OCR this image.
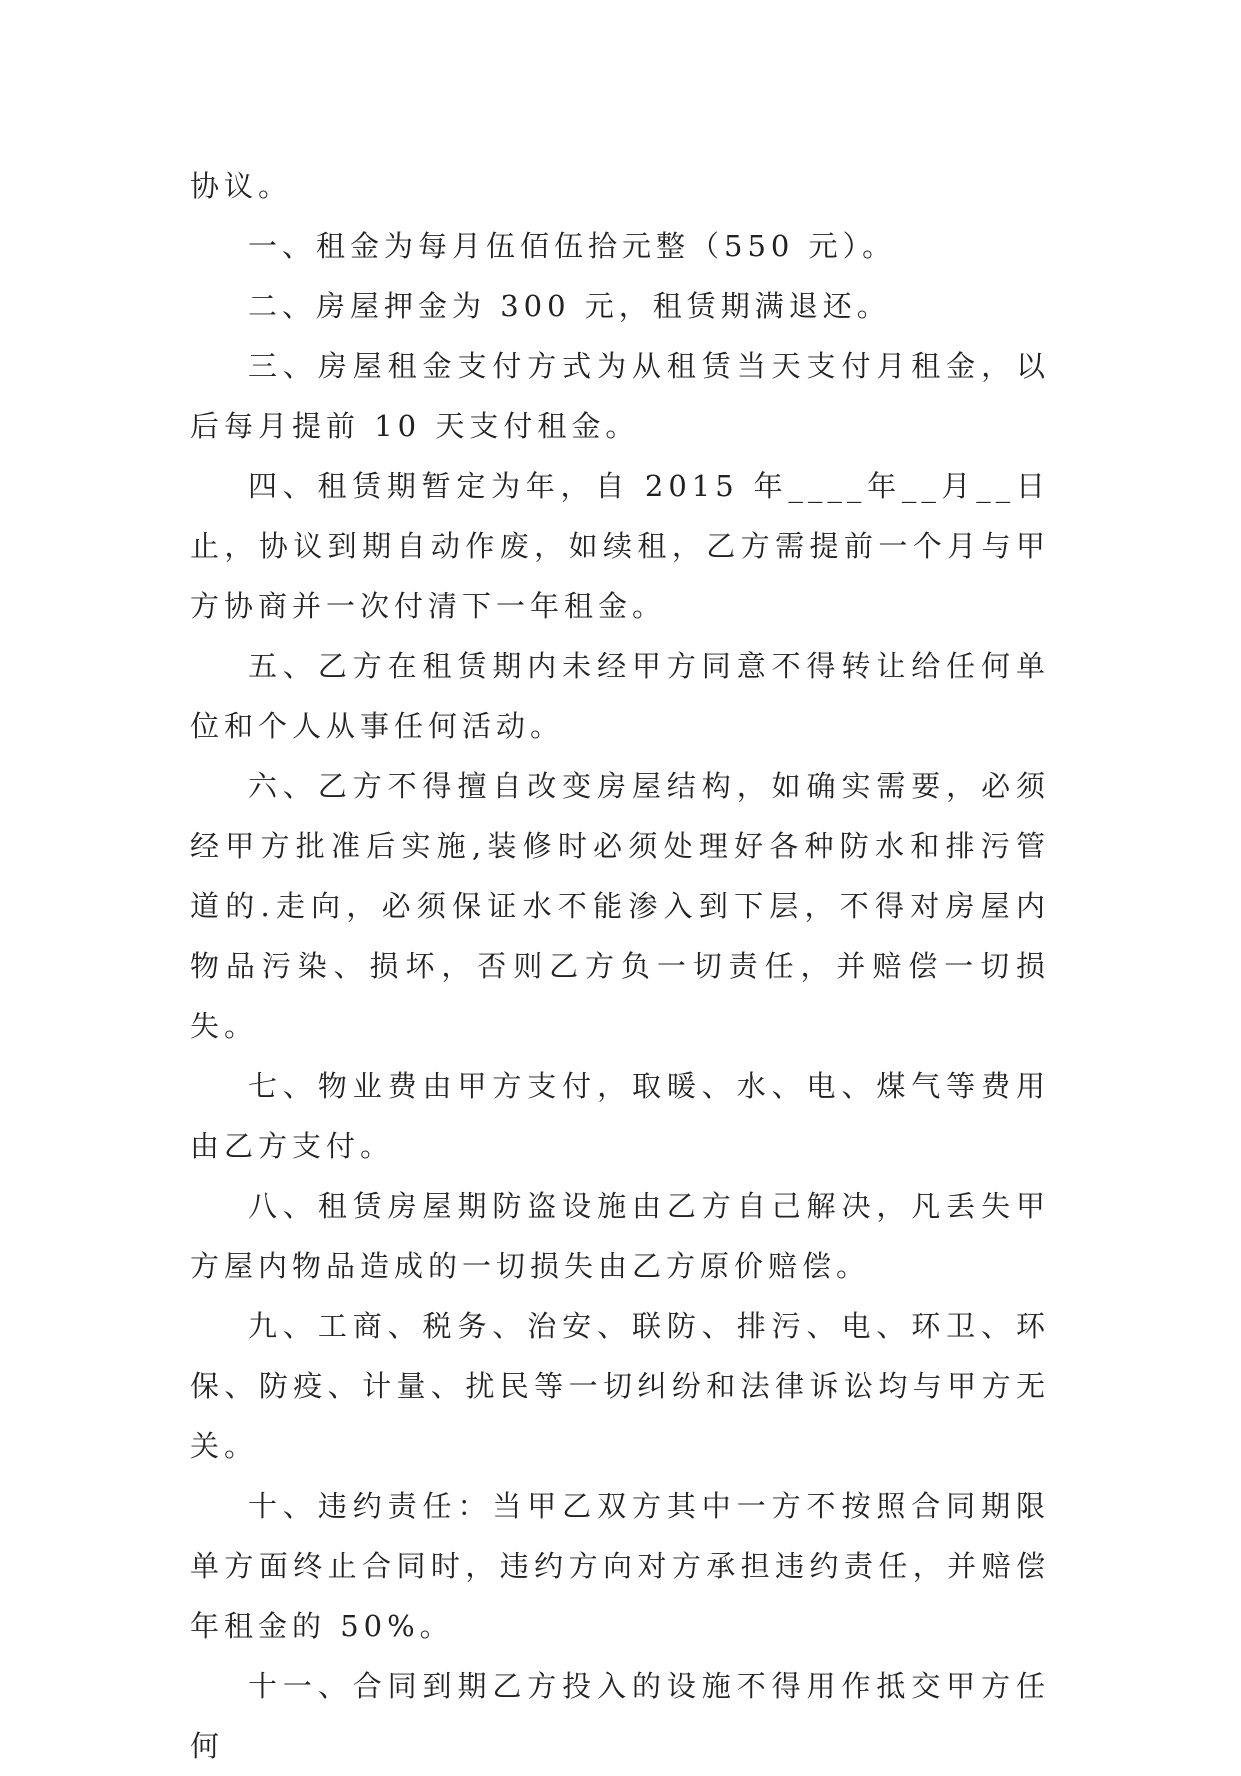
协议。

一、租金为每月伍佰伍拾元整（550 元）。

二、房屋押金为 300 元，租赁期满退还。

三、房屋租金支付方式为从租赁当天支付月租金，以后每月提前 10 天支付租金。

四、租赁期暂定为年，自 2015 年____年__月__日止，协议到期自动作废，如续租，乙方需提前一个月与甲方协商并一次付清下一年租金。

五、乙方在租赁期内未经甲方同意不得转让给任何单位和个人从事任何活动。

六、乙方不得擅自改变房屋结构，如确实需要，必须经甲方批准后实施,装修时必须处理好各种防水和排污管道的.走向，必须保证水不能渗入到下层，不得对房屋内物品污染、损坏，否则乙方负一切责任，并赔偿一切损失。

七、物业费由甲方支付，取暖、水、电、煤气等费用由乙方支付。

八、租赁房屋期防盗设施由乙方自己解决，凡丢失甲方屋内物品造成的一切损失由乙方原价赔偿。

九、工商、税务、治安、联防、排污、电、环卫、环保、防疫、计量、扰民等一切纠纷和法律诉讼均与甲方无关。

十、违约责任：当甲乙双方其中一方不按照合同期限单方面终止合同时，违约方向对方承担违约责任，并赔偿年租金的 50%。

十一、合同到期乙方投入的设施不得用作抵交甲方任何
